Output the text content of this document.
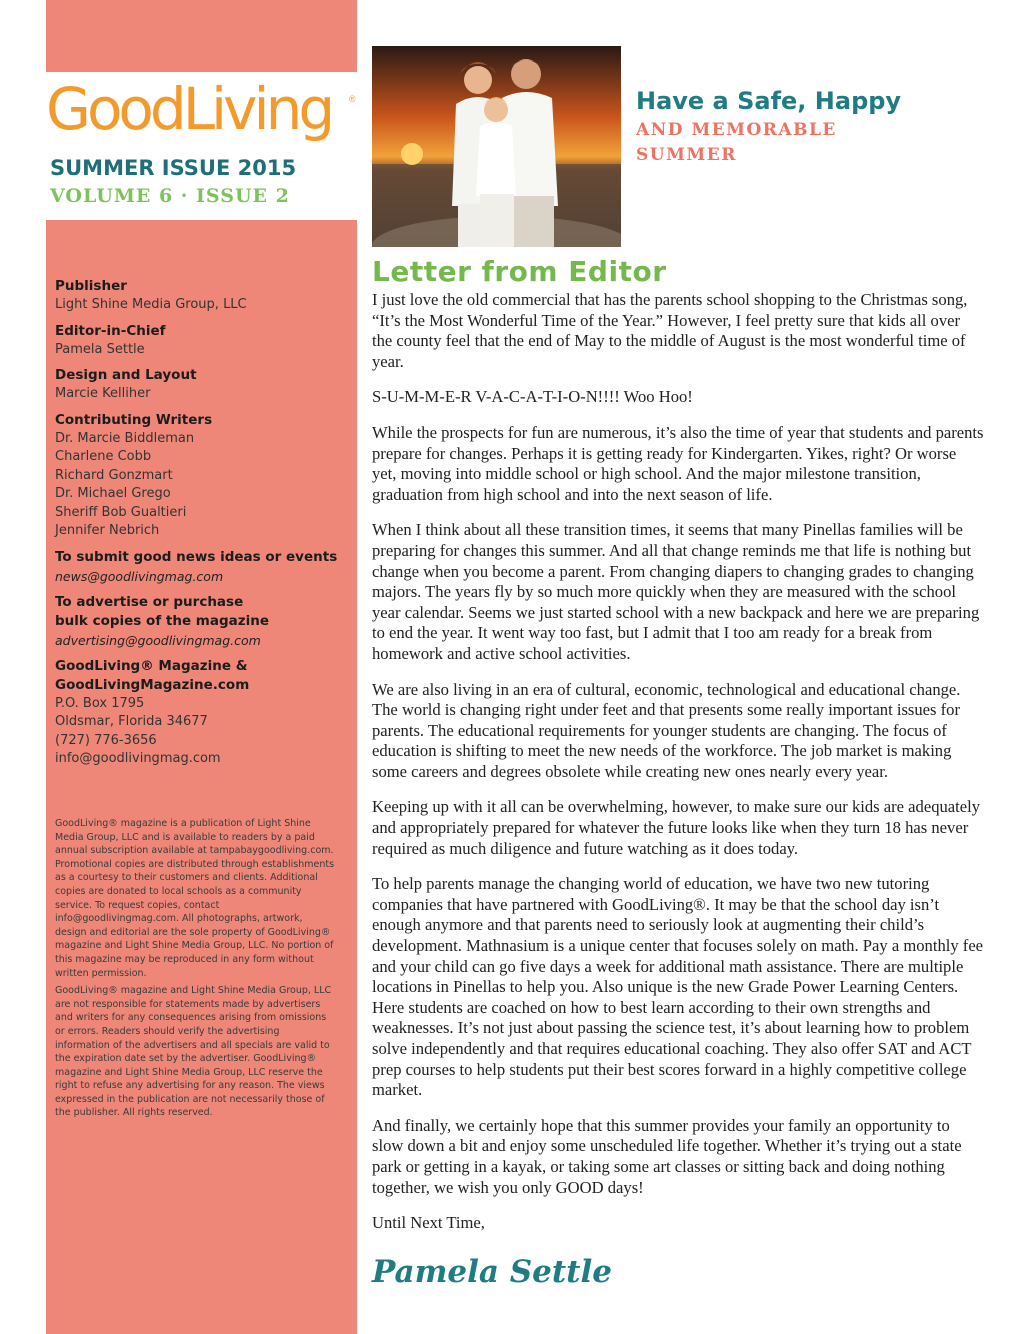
GoodLiving ®
SUMMER ISSUE 2015
VOLUME 6 · ISSUE 2
Publisher
Light Shine Media Group, LLC
Editor-in-Chief
Pamela Settle
Design and Layout
Marcie Kelliher
Contributing Writers
Dr. Marcie Biddleman
Charlene Cobb
Richard Gonzmart
Dr. Michael Grego
Sheriff Bob Gualtieri
Jennifer Nebrich
To submit good news ideas or events
news@goodlivingmag.com
To advertise or purchase
bulk copies of the magazine
advertising@goodlivingmag.com
GoodLiving® Magazine &
GoodLivingMagazine.com
P.O. Box 1795
Oldsmar, Florida 34677
(727) 776-3656
info@goodlivingmag.com

GoodLiving® magazine is a publication of Light Shine Media Group, LLC and is available to readers by a paid annual subscription available at tampabaygoodliving.com. Promotional copies are distributed through establishments as a courtesy to their customers and clients. Additional copies are donated to local schools as a community service. To request copies, contact info@goodlivingmag.com. All photographs, artwork, design and editorial are the sole property of GoodLiving® magazine and Light Shine Media Group, LLC. No portion of this magazine may be reproduced in any form without written permission.

GoodLiving® magazine and Light Shine Media Group, LLC are not responsible for statements made by advertisers and writers for any consequences arising from omissions or errors. Readers should verify the advertising information of the advertisers and all specials are valid to the expiration date set by the advertiser. GoodLiving® magazine and Light Shine Media Group, LLC reserve the right to refuse any advertising for any reason. The views expressed in the publication are not necessarily those of the publisher. All rights reserved.

Have a Safe, Happy
AND MEMORABLE SUMMER
Letter from Editor

I just love the old commercial that has the parents school shopping to the Christmas song, “It’s the Most Wonderful Time of the Year.” However, I feel pretty sure that kids all over the county feel that the end of May to the middle of August is the most wonderful time of year.

S-U-M-M-E-R V-A-C-A-T-I-O-N!!!! Woo Hoo!

While the prospects for fun are numerous, it’s also the time of year that students and parents prepare for changes. Perhaps it is getting ready for Kindergarten. Yikes, right? Or worse yet, moving into middle school or high school. And the major milestone transition, graduation from high school and into the next season of life.

When I think about all these transition times, it seems that many Pinellas families will be preparing for changes this summer. And all that change reminds me that life is nothing but change when you become a parent. From changing diapers to changing grades to changing majors. The years fly by so much more quickly when they are measured with the school year calendar. Seems we just started school with a new backpack and here we are preparing to end the year. It went way too fast, but I admit that I too am ready for a break from homework and active school activities.

We are also living in an era of cultural, economic, technological and educational change. The world is changing right under feet and that presents some really important issues for parents. The educational requirements for younger students are changing. The focus of education is shifting to meet the new needs of the workforce. The job market is making some careers and degrees obsolete while creating new ones nearly every year.

Keeping up with it all can be overwhelming, however, to make sure our kids are adequately and appropriately prepared for whatever the future looks like when they turn 18 has never required as much diligence and future watching as it does today.

To help parents manage the changing world of education, we have two new tutoring companies that have partnered with GoodLiving®. It may be that the school day isn’t enough anymore and that parents need to seriously look at augmenting their child’s development. Mathnasium is a unique center that focuses solely on math. Pay a monthly fee and your child can go five days a week for additional math assistance. There are multiple locations in Pinellas to help you. Also unique is the new Grade Power Learning Centers. Here students are coached on how to best learn according to their own strengths and weaknesses. It’s not just about passing the science test, it’s about learning how to problem solve independently and that requires educational coaching. They also offer SAT and ACT prep courses to help students put their best scores forward in a highly competitive college market.

And finally, we certainly hope that this summer provides your family an opportunity to slow down a bit and enjoy some unscheduled life together. Whether it’s trying out a state park or getting in a kayak, or taking some art classes or sitting back and doing nothing together, we wish you only GOOD days!

Until Next Time,

Pamela Settle
